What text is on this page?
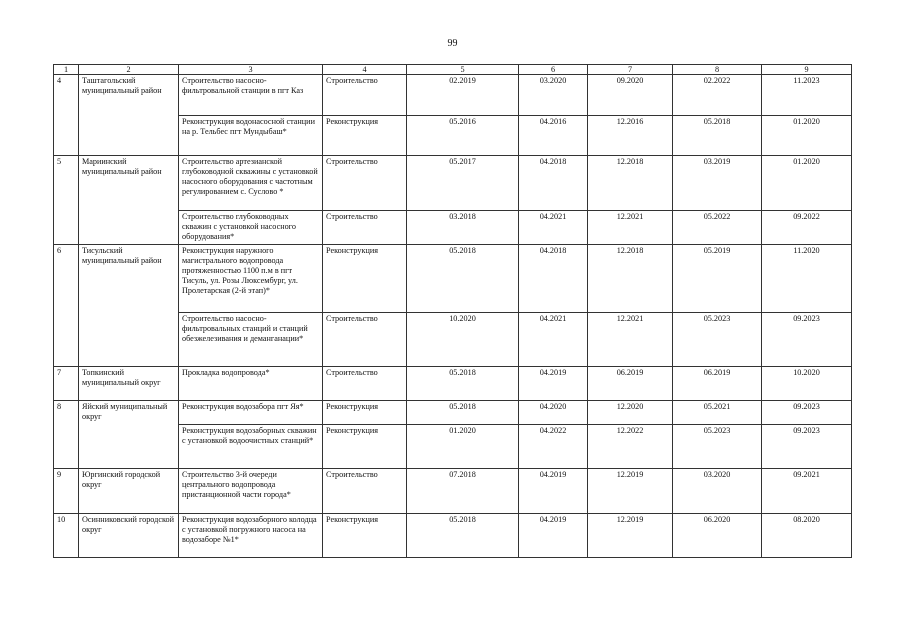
99
1	2	3	4	5	6	7	8	9
4	Таштагольский муниципальный район	Строительство насосно-фильтровальной станции в пгт Каз	Строительство	02.2019	03.2020	09.2020	02.2022	11.2023
		Реконструкция водонасосной станции на р. Тельбес пгт Мундыбаш*	Реконструкция	05.2016	04.2016	12.2016	05.2018	01.2020
5	Мариинский муниципальный район	Строительство артезианской глубоководной скважины с установкой насосного оборудования с частотным регулированием с. Суслово *	Строительство	05.2017	04.2018	12.2018	03.2019	01.2020
		Строительство глубоководных скважин с установкой насосного оборудования*	Строительство	03.2018	04.2021	12.2021	05.2022	09.2022
6	Тисульский муниципальный район	Реконструкция наружного магистрального водопровода протяженностью 1100 п.м в пгт Тисуль, ул. Розы Люксембург, ул. Пролетарская (2-й этап)*	Реконструкция	05.2018	04.2018	12.2018	05.2019	11.2020
		Строительство насосно-фильтровальных станций и станций обезжелезивания и деманганации*	Строительство	10.2020	04.2021	12.2021	05.2023	09.2023
7	Топкинский муниципальный округ	Прокладка водопровода*	Строительство	05.2018	04.2019	06.2019	06.2019	10.2020
8	Яйский муниципальный округ	Реконструкция водозабора пгт Яя*	Реконструкция	05.2018	04.2020	12.2020	05.2021	09.2023
		Реконструкция водозаборных скважин с установкой водоочистных станций*	Реконструкция	01.2020	04.2022	12.2022	05.2023	09.2023
9	Юргинский городской округ	Строительство 3-й очереди центрального водопровода пристанционной части города*	Строительство	07.2018	04.2019	12.2019	03.2020	09.2021
10	Осинниковский городской округ	Реконструкция водозаборного колодца с установкой погружного насоса на водозаборе №1*	Реконструкция	05.2018	04.2019	12.2019	06.2020	08.2020
